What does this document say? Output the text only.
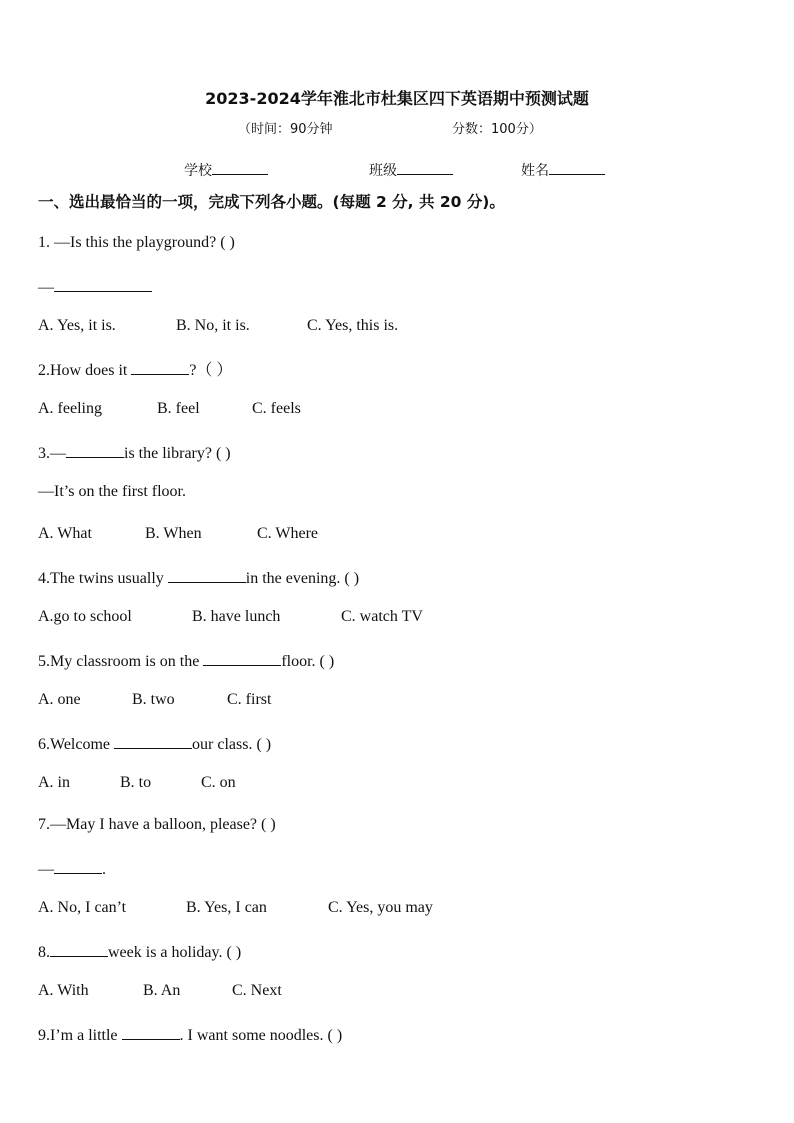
2023-2024学年淮北市杜集区四下英语期中预测试题
（时间：90分钟	分数：100分）
学校	班级	姓名
一、选出最恰当的一项，完成下列各小题。(每题 2 分, 共 20 分)。
1. —Is this the playground? ( )
—
A. Yes, it is.	B. No, it is.	C. Yes, this is.
2.How does it	?（ ）
A. feeling	B. feel	C. feels
3.—	is the library? ( )
—It’s on the first floor.
A. What	B. When	C. Where
4.The twins usually	in the evening. ( )
A.go to school	B. have lunch	C. watch TV
5.My classroom is on the	floor. ( )
A. one	B. two	C. first
6.Welcome	our class. ( )
A. in	B. to	C. on
7.—May I have a balloon, please? ( )
—	.
A. No, I can’t	B. Yes, I can	C. Yes, you may
8.	week is a holiday. ( )
A. With	B. An	C. Next
9.I’m a little	. I want some noodles. ( )
